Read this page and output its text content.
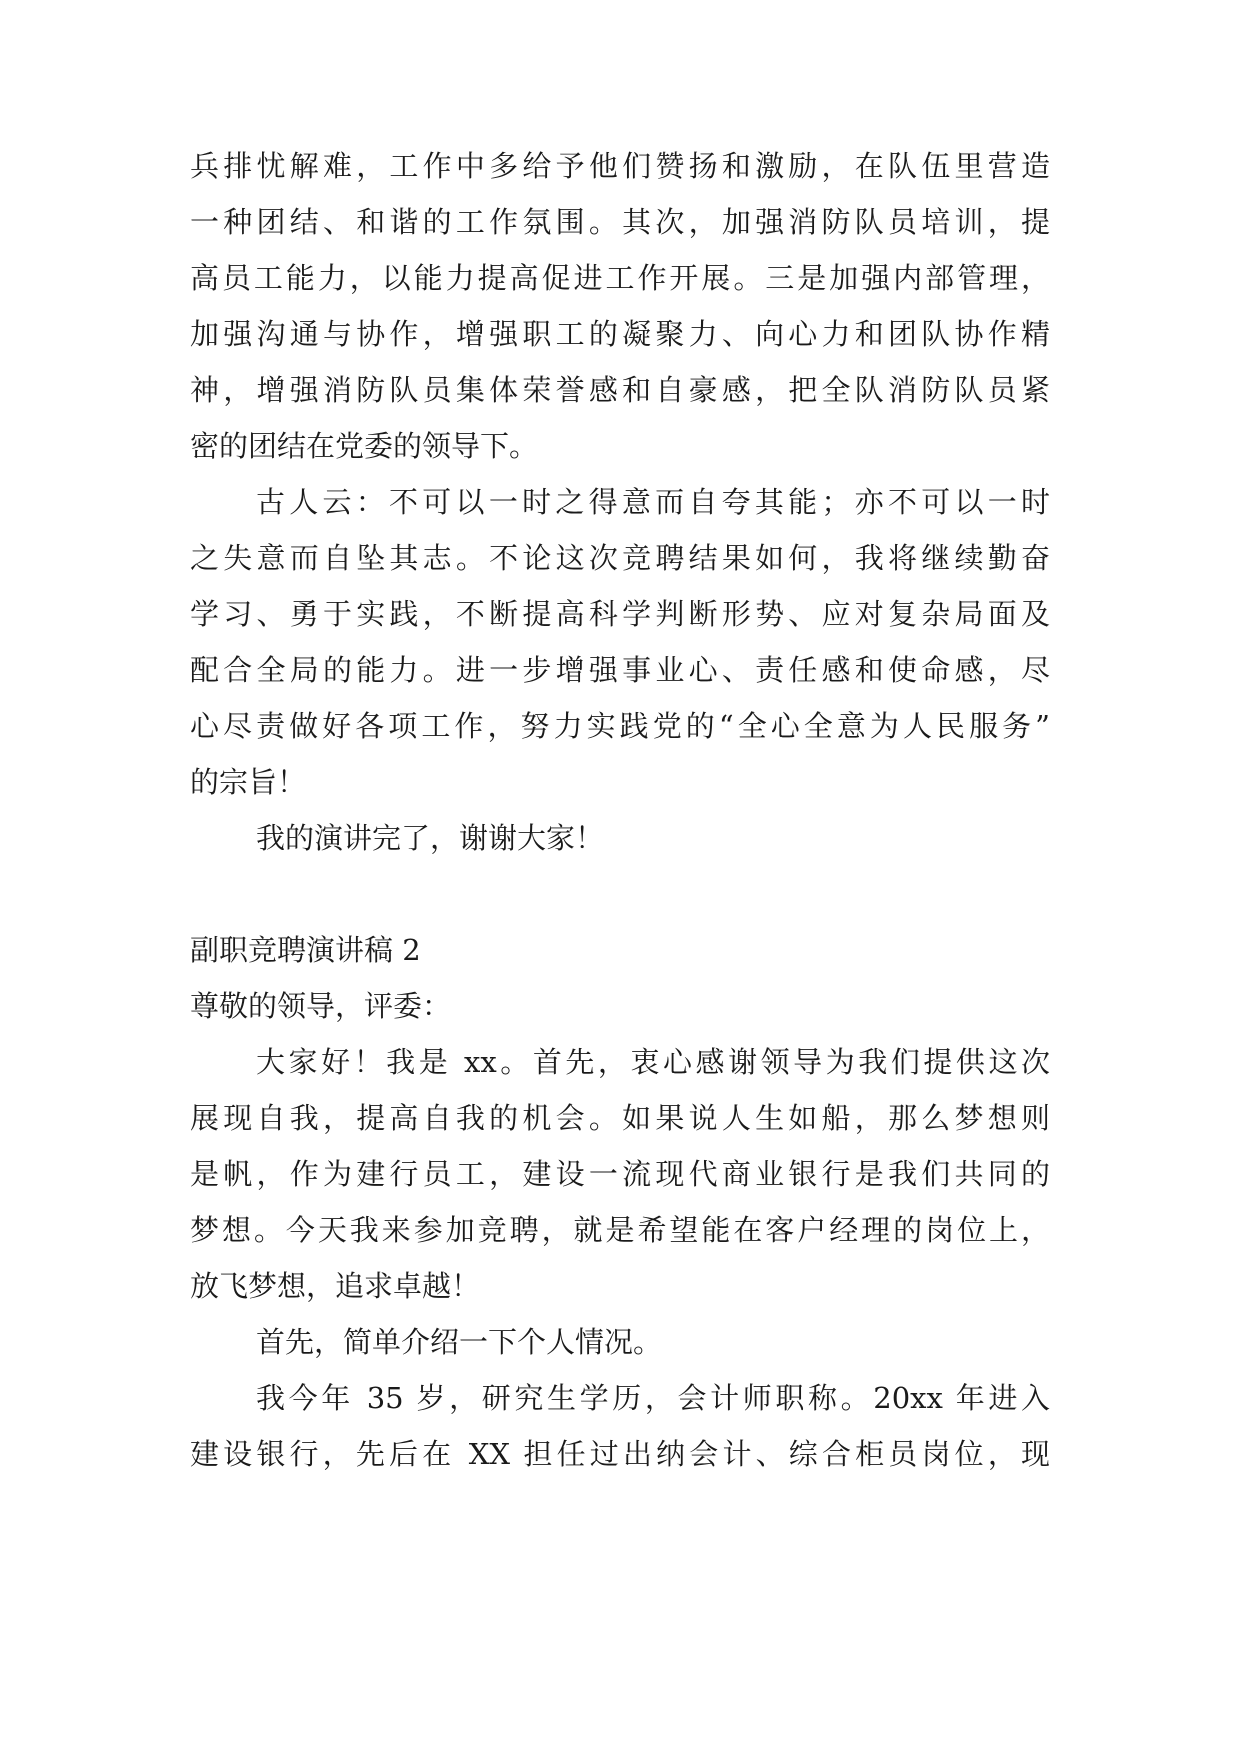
兵排忧解难，工作中多给予他们赞扬和激励，在队伍里营造
一种团结、和谐的工作氛围。其次，加强消防队员培训，提
高员工能力，以能力提高促进工作开展。三是加强内部管理，
加强沟通与协作，增强职工的凝聚力、向心力和团队协作精
神，增强消防队员集体荣誉感和自豪感，把全队消防队员紧
密的团结在党委的领导下。
古人云：不可以一时之得意而自夸其能；亦不可以一时
之失意而自坠其志。不论这次竞聘结果如何，我将继续勤奋
学习、勇于实践，不断提高科学判断形势、应对复杂局面及
配合全局的能力。进一步增强事业心、责任感和使命感，尽
心尽责做好各项工作，努力实践党的“全心全意为人民服务”
的宗旨！
我的演讲完了，谢谢大家！
副职竞聘演讲稿 2
尊敬的领导，评委：
大家好！我是 xx。首先，衷心感谢领导为我们提供这次
展现自我，提高自我的机会。如果说人生如船，那么梦想则
是帆，作为建行员工，建设一流现代商业银行是我们共同的
梦想。今天我来参加竞聘，就是希望能在客户经理的岗位上，
放飞梦想，追求卓越！
首先，简单介绍一下个人情况。
我今年 35 岁，研究生学历，会计师职称。20xx 年进入
建设银行，先后在 XX 担任过出纳会计、综合柜员岗位，现
